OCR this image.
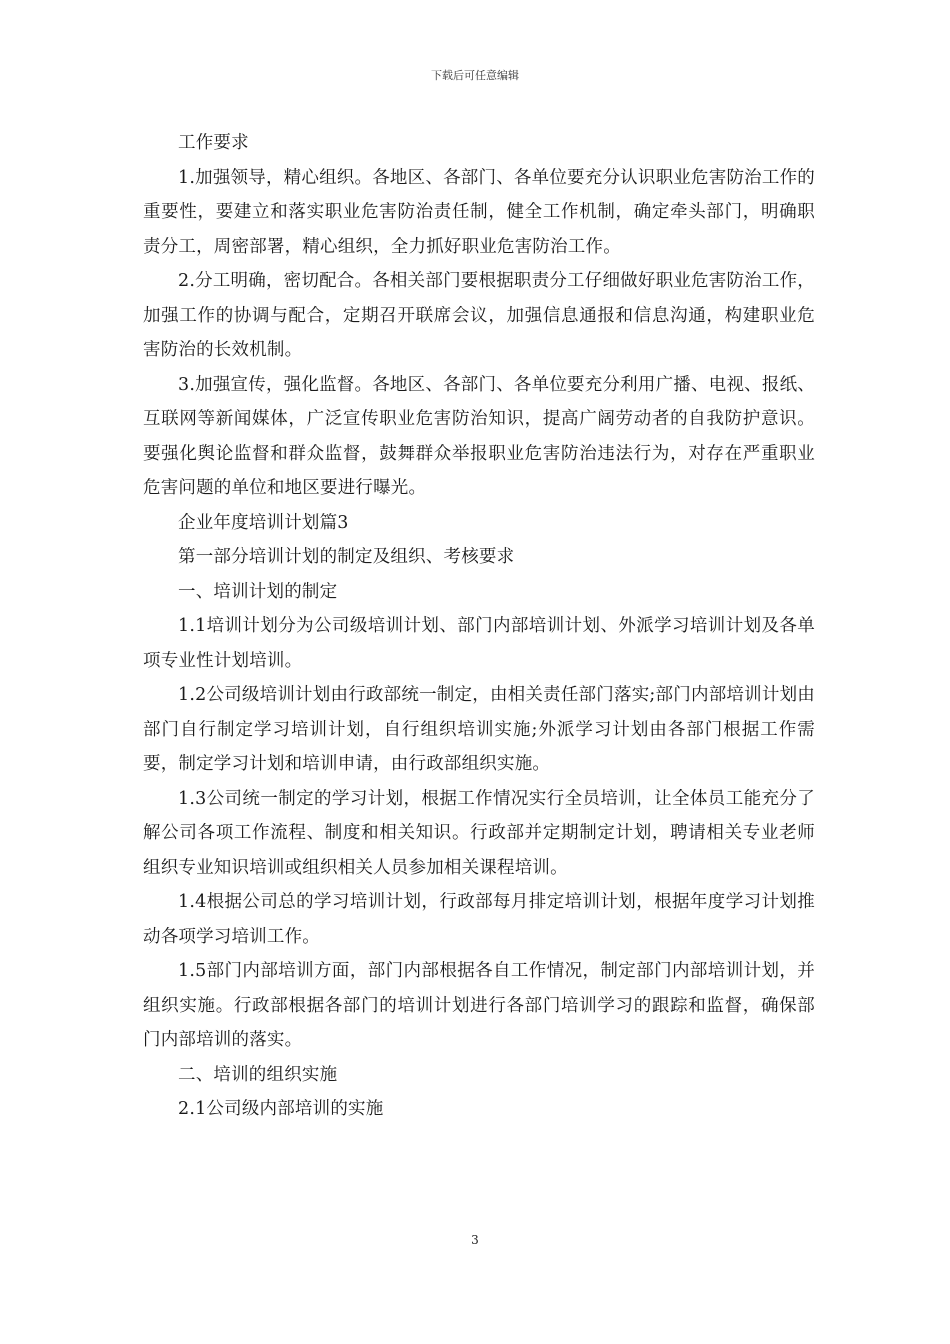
下载后可任意编辑

工作要求

1.加强领导，精心组织。各地区、各部门、各单位要充分认识职业危害防治工作的重要性，要建立和落实职业危害防治责任制，健全工作机制，确定牵头部门，明确职责分工，周密部署，精心组织，全力抓好职业危害防治工作。

2.分工明确，密切配合。各相关部门要根据职责分工仔细做好职业危害防治工作，加强工作的协调与配合，定期召开联席会议，加强信息通报和信息沟通，构建职业危害防治的长效机制。

3.加强宣传，强化监督。各地区、各部门、各单位要充分利用广播、电视、报纸、互联网等新闻媒体，广泛宣传职业危害防治知识，提高广阔劳动者的自我防护意识。要强化舆论监督和群众监督，鼓舞群众举报职业危害防治违法行为，对存在严重职业危害问题的单位和地区要进行曝光。

企业年度培训计划篇3

第一部分培训计划的制定及组织、考核要求

一、培训计划的制定

1.1培训计划分为公司级培训计划、部门内部培训计划、外派学习培训计划及各单项专业性计划培训。

1.2公司级培训计划由行政部统一制定，由相关责任部门落实;部门内部培训计划由部门自行制定学习培训计划，自行组织培训实施;外派学习计划由各部门根据工作需要，制定学习计划和培训申请，由行政部组织实施。

1.3公司统一制定的学习计划，根据工作情况实行全员培训，让全体员工能充分了解公司各项工作流程、制度和相关知识。行政部并定期制定计划，聘请相关专业老师组织专业知识培训或组织相关人员参加相关课程培训。

1.4根据公司总的学习培训计划，行政部每月排定培训计划，根据年度学习计划推动各项学习培训工作。

1.5部门内部培训方面，部门内部根据各自工作情况，制定部门内部培训计划，并组织实施。行政部根据各部门的培训计划进行各部门培训学习的跟踪和监督，确保部门内部培训的落实。

二、培训的组织实施

2.1公司级内部培训的实施

3
